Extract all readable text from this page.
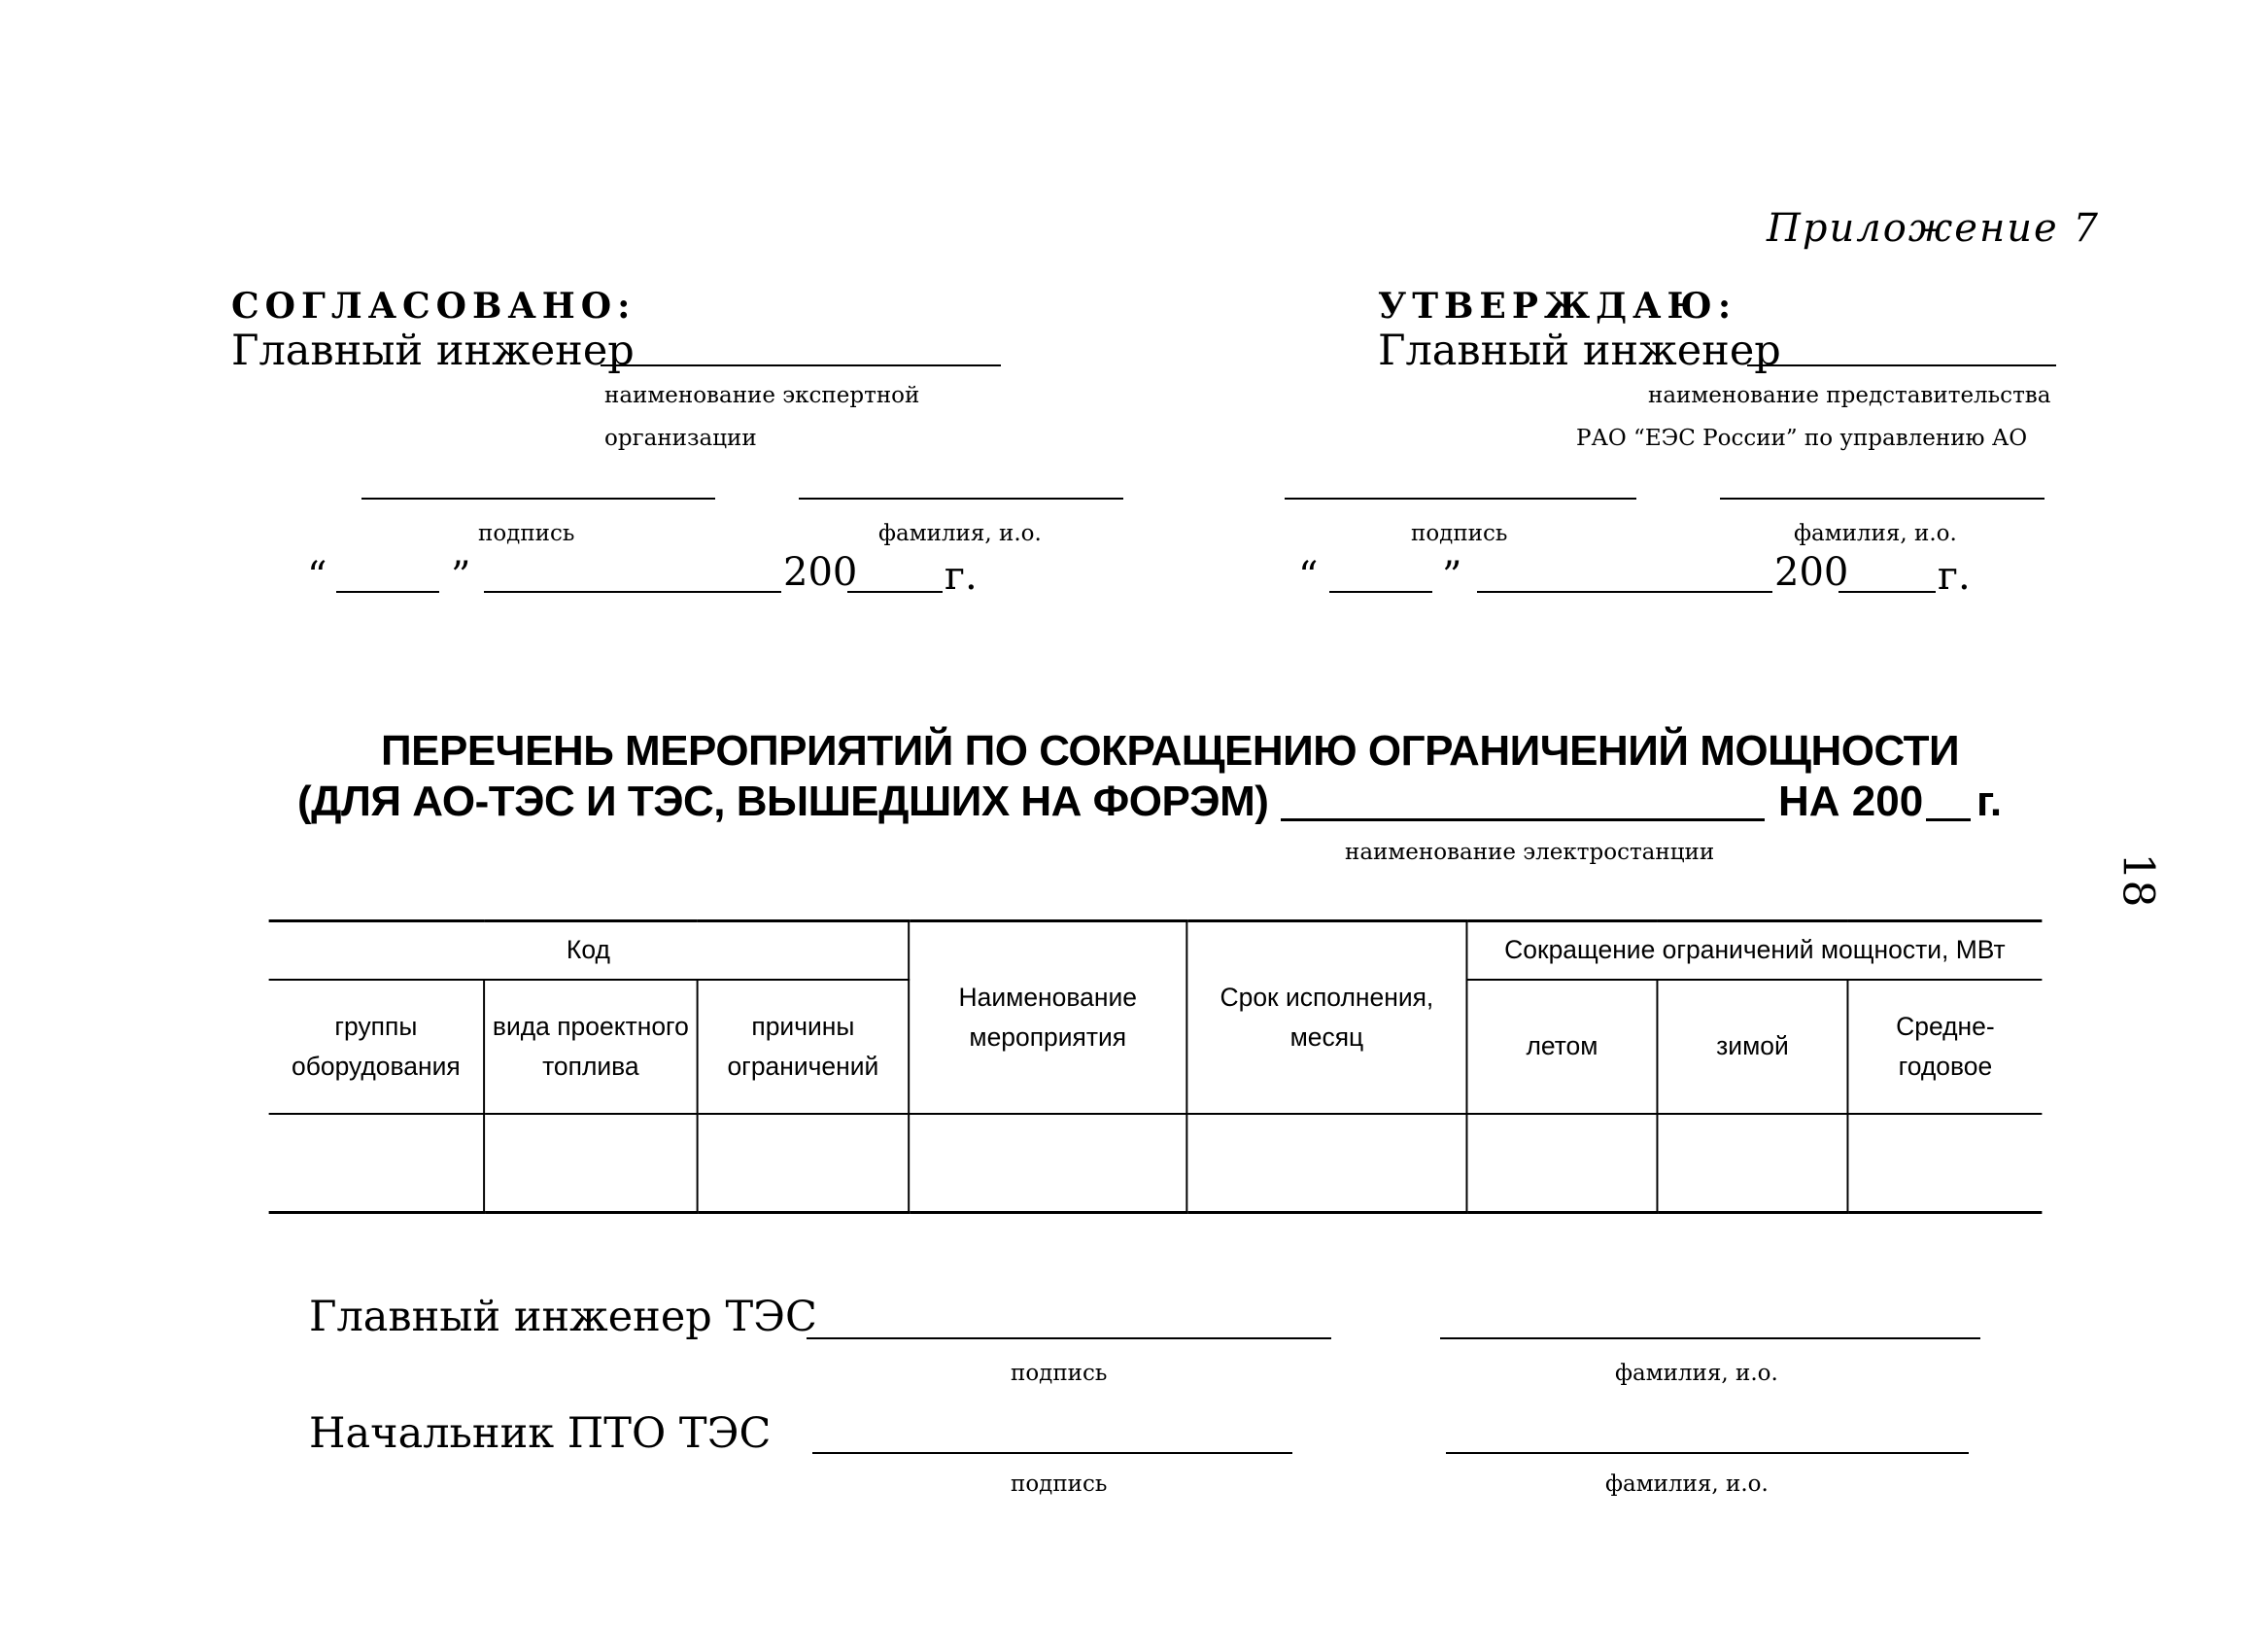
Приложение 7
СОГЛАСОВАНО:
Главный инженер
наименование экспертной
организации
подпись	фамилия, и.о.
“	”	200 г.
УТВЕРЖДАЮ:
Главный инженер
наименование представительства
РАО “ЕЭС России” по управлению АО
подпись	фамилия, и.о.
“	”	200 г.
ПЕРЕЧЕНЬ МЕРОПРИЯТИЙ ПО СОКРАЩЕНИЮ ОГРАНИЧЕНИЙ МОЩНОСТИ
(ДЛЯ АО-ТЭС И ТЭС, ВЫШЕДШИХ НА ФОРЭМ)	НА 200 г.
наименование электростанции
18
Код			Наименование мероприятия	Срок исполнения, месяц	Сокращение ограничений мощности, МВт		
группы оборудования	вида проектного топлива	причины ограничений			летом	зимой	Средне-годовое

Главный инженер ТЭС
подпись	фамилия, и.о.
Начальник ПТО ТЭС
подпись	фамилия, и.о.
